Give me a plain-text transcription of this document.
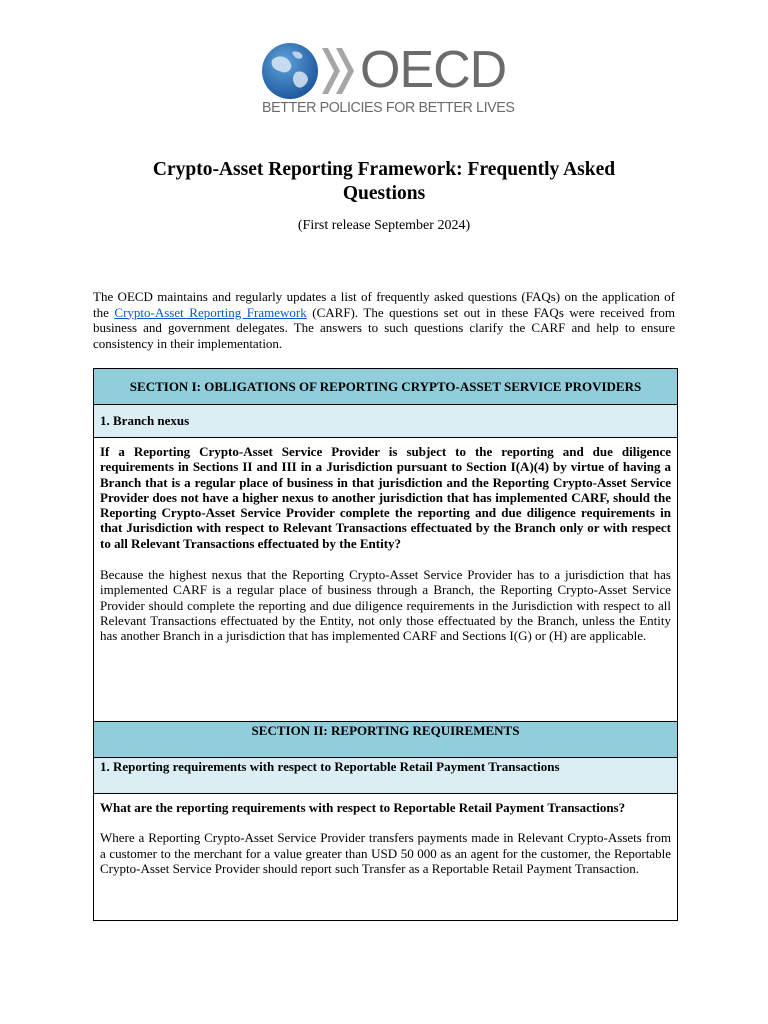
OECD
BETTER POLICIES FOR BETTER LIVES
Crypto-Asset Reporting Framework: Frequently Asked Questions
(First release September 2024)

The OECD maintains and regularly updates a list of frequently asked questions (FAQs) on the application of the Crypto-Asset Reporting Framework (CARF). The questions set out in these FAQs were received from business and government delegates. The answers to such questions clarify the CARF and help to ensure consistency in their implementation.

SECTION I: OBLIGATIONS OF REPORTING CRYPTO-ASSET SERVICE PROVIDERS
1. Branch nexus

If a Reporting Crypto-Asset Service Provider is subject to the reporting and due diligence requirements in Sections II and III in a Jurisdiction pursuant to Section I(A)(4) by virtue of having a Branch that is a regular place of business in that jurisdiction and the Reporting Crypto-Asset Service Provider does not have a higher nexus to another jurisdiction that has implemented CARF, should the Reporting Crypto-Asset Service Provider complete the reporting and due diligence requirements in that Jurisdiction with respect to Relevant Transactions effectuated by the Branch only or with respect to all Relevant Transactions effectuated by the Entity?

Because the highest nexus that the Reporting Crypto-Asset Service Provider has to a jurisdiction that has implemented CARF is a regular place of business through a Branch, the Reporting Crypto-Asset Service Provider should complete the reporting and due diligence requirements in the Jurisdiction with respect to all Relevant Transactions effectuated by the Entity, not only those effectuated by the Branch, unless the Entity has another Branch in a jurisdiction that has implemented CARF and Sections I(G) or (H) are applicable.

SECTION II: REPORTING REQUIREMENTS
1. Reporting requirements with respect to Reportable Retail Payment Transactions

What are the reporting requirements with respect to Reportable Retail Payment Transactions?

Where a Reporting Crypto-Asset Service Provider transfers payments made in Relevant Crypto-Assets from a customer to the merchant for a value greater than USD 50 000 as an agent for the customer, the Reportable Crypto-Asset Service Provider should report such Transfer as a Reportable Retail Payment Transaction.
